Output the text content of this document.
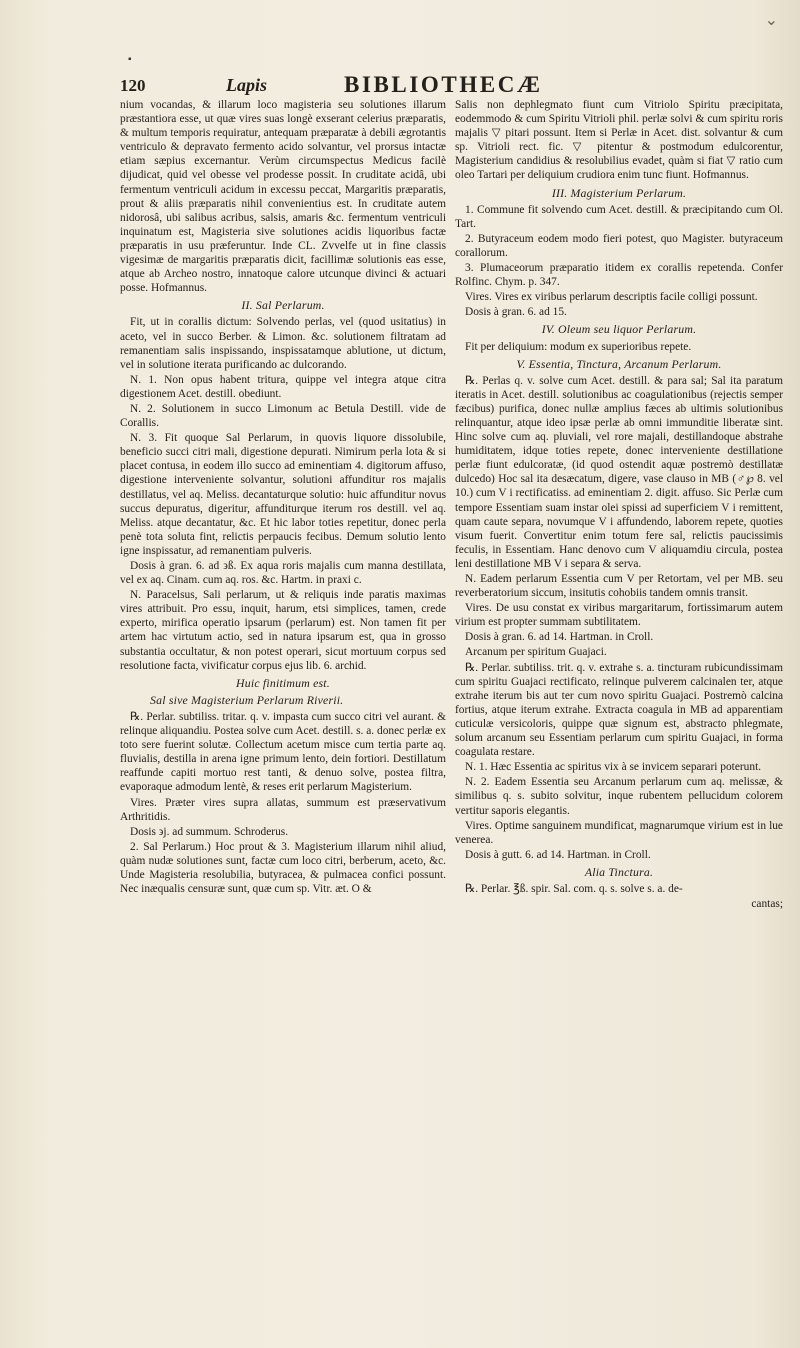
⌄
▪
120	Lapis	BIBLIOTHECÆ

nium vocandas, & illarum loco magisteria seu solutiones illarum præstantiora esse, ut quæ vires suas longè exserant celerius præparatis, & multum temporis requiratur, antequam præparatæ à debili ægrotantis ventriculo & depravato fermento acido solvantur, vel prorsus intactæ etiam sæpius excernantur. Verùm circumspectus Medicus facilè dijudicat, quid vel obesse vel prodesse possit. In cruditate acidâ, ubi fermentum ventriculi acidum in excessu peccat, Margaritis præparatis, prout & aliis præparatis nihil convenientius est. In cruditate autem nidorosâ, ubi salibus acribus, salsis, amaris &c. fermentum ventriculi inquinatum est, Magisteria sive solutiones acidis liquoribus factæ præparatis in usu præferuntur. Inde CL. Zvvelfe ut in fine classis vigesimæ de margaritis præparatis dicit, facillimæ solutionis eas esse, atque ab Archeo nostro, innatoque calore utcunque divinci & actuari posse. Hofmannus.

II. Sal Perlarum.

Fit, ut in corallis dictum: Solvendo perlas, vel (quod usitatius) in aceto, vel in succo Berber. & Limon. &c. solutionem filtratam ad remanentiam salis inspissando, inspissatamque ablutione, ut dictum, vel in solutione iterata purificando ac dulcorando.

N. 1. Non opus habent tritura, quippe vel integra atque citra digestionem Acet. destill. obediunt.

N. 2. Solutionem in succo Limonum ac Betula Destill. vide de Corallis.

N. 3. Fit quoque Sal Perlarum, in quovis liquore dissolubile, beneficio succi citri mali, digestione depurati. Nimirum perla lota & si placet contusa, in eodem illo succo ad eminentiam 4. digitorum affuso, digestione interveniente solvantur, solutioni affunditur ros majalis destillatus, vel aq. Meliss. decantaturque solutio: huic affunditur novus succus depuratus, digeritur, affunditurque iterum ros destill. vel aq. Meliss. atque decantatur, &c. Et hic labor toties repetitur, donec perla penè tota soluta fint, relictis perpaucis fecibus. Demum solutio lento igne inspissatur, ad remanentiam pulveris.

Dosis à gran. 6. ad ϶ß. Ex aqua roris majalis cum manna destillata, vel ex aq. Cinam. cum aq. ros. &c. Hartm. in praxi c.

N. Paracelsus, Sali perlarum, ut & reliquis inde paratis maximas vires attribuit. Pro essu, inquit, harum, etsi simplices, tamen, crede experto, mirifica operatio ipsarum (perlarum) est. Non tamen fit per artem hac virtutum actio, sed in natura ipsarum est, qua in grosso substantia occultatur, & non potest operari, sicut mortuum corpus sed resolutione facta, vivificatur corpus ejus lib. 6. archid.

Huic finitimum est.
Sal sive Magisterium Perlarum Riverii.

℞. Perlar. subtiliss. tritar. q. v. impasta cum succo citri vel aurant. & relinque aliquandiu. Postea solve cum Acet. destill. s. a. donec perlæ ex toto sere fuerint solutæ. Collectum acetum misce cum tertia parte aq. fluvialis, destilla in arena igne primum lento, dein fortiori. Destillatum reaffunde capiti mortuo rest tanti, & denuo solve, postea filtra, evaporaque admodum lentè, & reses erit perlarum Magisterium.

Vires. Præter vires supra allatas, summum est præservativum Arthritidis.

Dosis ϶j. ad summum. Schroderus.

2. Sal Perlarum.) Hoc prout & 3. Magisterium illarum nihil aliud, quàm nudæ solutiones sunt, factæ cum loco citri, berberum, aceto, &c. Unde Magisteria resolubilia, butyracea, & pulmacea confici possunt. Nec inæqualis censuræ sunt, quæ cum sp. Vitr. æt. O &

Salis non dephlegmato fiunt cum Vitriolo Spiritu præcipitata, eodemmodo & cum Spiritu Vitrioli phil. perlæ solvi & cum spiritu roris majalis ▽ pitari possunt. Item si Perlæ in Acet. dist. solvantur & cum sp. Vitrioli rect. fic. ▽ pitentur & postmodum edulcorentur, Magisterium candidius & resolubilius evadet, quàm si fiat ▽ ratio cum oleo Tartari per deliquium crudiora enim tunc fiunt. Hofmannus.

III. Magisterium Perlarum.

1. Commune fit solvendo cum Acet. destill. & præcipitando cum Ol. Tart.

2. Butyraceum eodem modo fieri potest, quo Magister. butyraceum corallorum.

3. Plumaceorum præparatio itidem ex corallis repetenda. Confer Rolfinc. Chym. p. 347.

Vires. Vires ex viribus perlarum descriptis facile colligi possunt.

Dosis à gran. 6. ad 15.

IV. Oleum seu liquor Perlarum.

Fit per deliquium: modum ex superioribus repete.

V. Essentia, Tinctura, Arcanum Perlarum.

℞. Perlas q. v. solve cum Acet. destill. & para sal; Sal ita paratum iteratis in Acet. destill. solutionibus ac coagulationibus (rejectis semper fæcibus) purifica, donec nullæ amplius fæces ab ultimis solutionibus relinquantur, atque ideo ipsæ perlæ ab omni immunditie liberatæ sint. Hinc solve cum aq. pluviali, vel rore majali, destillandoque abstrahe humiditatem, idque toties repete, donec interveniente destillatione perlæ fiunt edulcoratæ, (id quod ostendit aquæ postremò destillatæ dulcedo) Hoc sal ita desæcatum, digere, vase clauso in MB (♂℘ 8. vel 10.) cum V i rectificatiss. ad eminentiam 2. digit. affuso. Sic Perlæ cum tempore Essentiam suam instar olei spissi ad superficiem V i remittent, quam caute separa, novumque V i affundendo, laborem repete, quoties visum fuerit. Convertitur enim totum fere sal, relictis paucissimis feculis, in Essentiam. Hanc denovo cum V aliquamdiu circula, postea leni destillatione MB V i separa & serva.

N. Eadem perlarum Essentia cum V per Retortam, vel per MB. seu reverberatorium siccum, insitutis cohobiis tandem omnis transit.

Vires. De usu constat ex viribus margaritarum, fortissimarum autem virium est propter summam subtilitatem.

Dosis à gran. 6. ad 14. Hartman. in Croll.

Arcanum per spiritum Guajaci.

℞. Perlar. subtiliss. trit. q. v. extrahe s. a. tincturam rubicundissimam cum spiritu Guajaci rectificato, relinque pulverem calcinalen ter, atque extrahe iterum bis aut ter cum novo spiritu Guajaci. Postremò calcina fortius, atque iterum extrahe. Extracta coagula in MB ad apparentiam cuticulæ versicoloris, quippe quæ signum est, abstracto phlegmate, solum arcanum seu Essentiam perlarum cum spiritu Guajaci, in forma coagulata restare.

N. 1. Hæc Essentia ac spiritus vix à se invicem separari poterunt.

N. 2. Eadem Essentia seu Arcanum perlarum cum aq. melissæ, & similibus q. s. subito solvitur, inque rubentem pellucidum colorem vertitur saporis elegantis.

Vires. Optime sanguinem mundificat, magnarumque virium est in lue venerea.

Dosis à gutt. 6. ad 14. Hartman. in Croll.

Alia Tinctura.

℞. Perlar. ℥ß. spir. Sal. com. q. s. solve s. a. de-

cantas;
